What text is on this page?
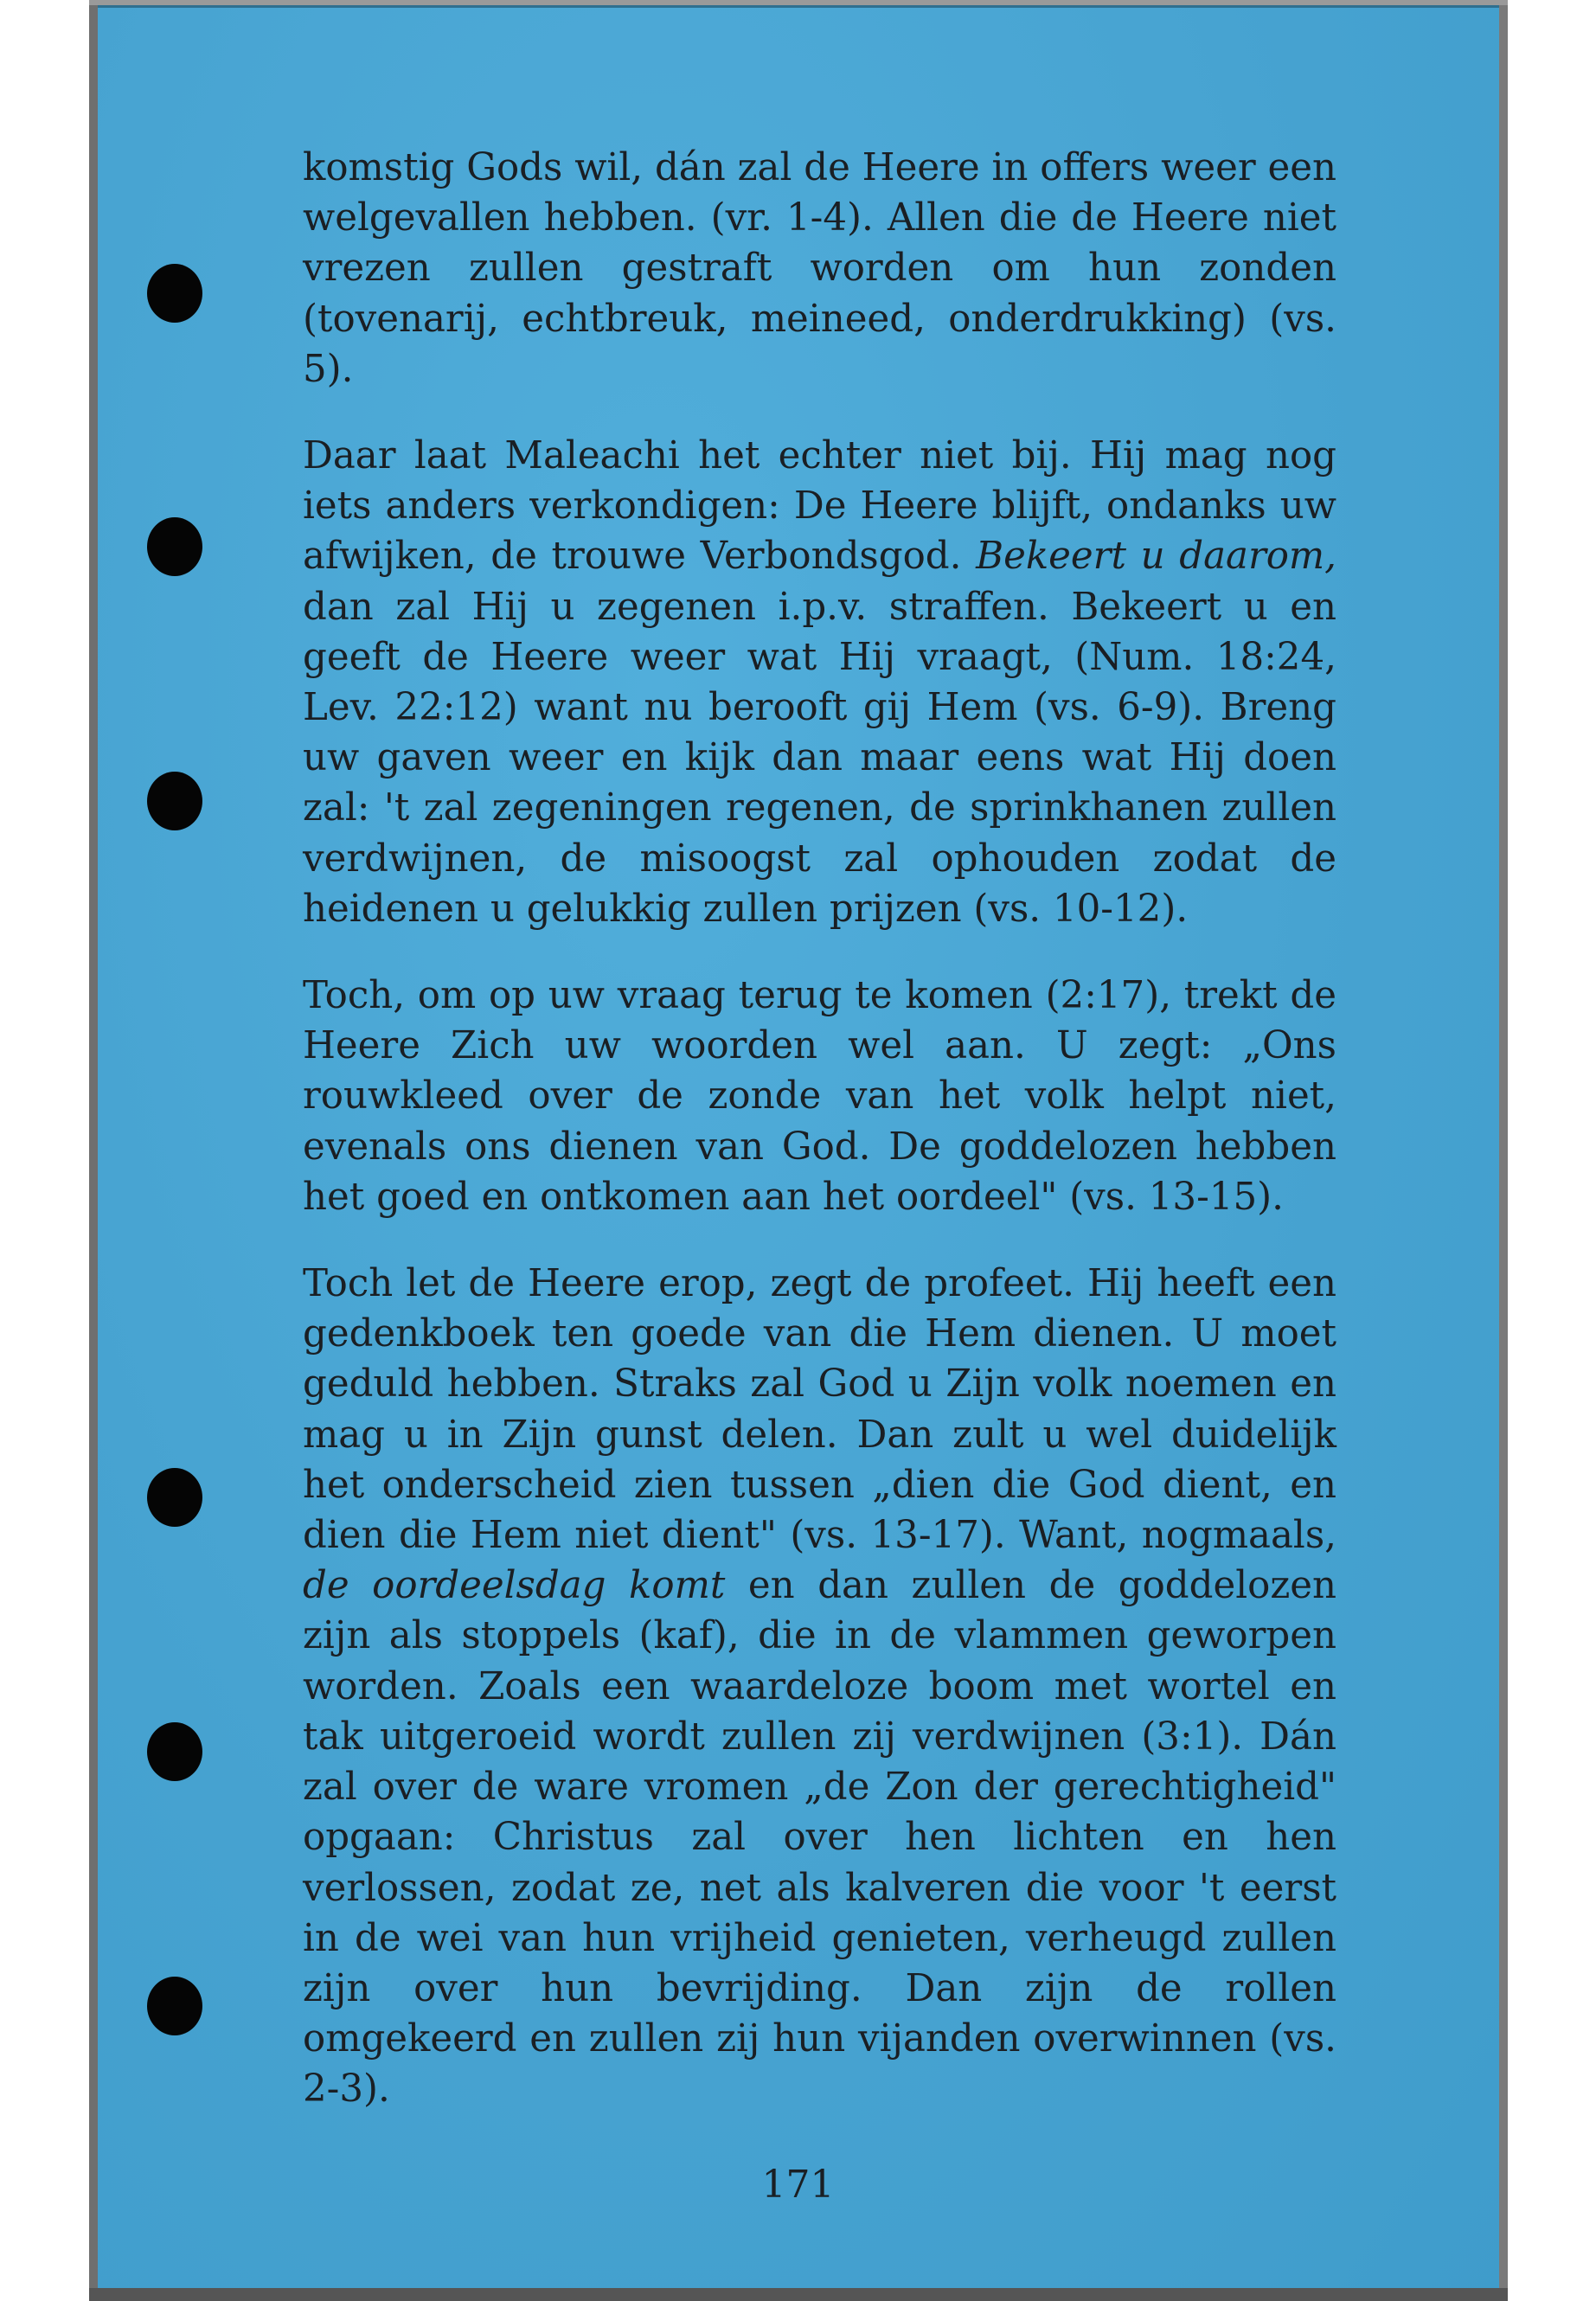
komstig Gods wil, dán zal de Heere in offers weer een welgevallen hebben. (vr. 1-4). Allen die de Heere niet vrezen zullen gestraft worden om hun zonden (tovenarij, echtbreuk, meineed, onderdrukking) (vs. 5).

Daar laat Maleachi het echter niet bij. Hij mag nog iets anders verkondigen: De Heere blijft, ondanks uw afwijken, de trouwe Verbondsgod. Bekeert u daarom, dan zal Hij u zegenen i.p.v. straffen. Bekeert u en geeft de Heere weer wat Hij vraagt, (Num. 18:24, Lev. 22:12) want nu berooft gij Hem (vs. 6-9). Breng uw gaven weer en kijk dan maar eens wat Hij doen zal: 't zal zegeningen regenen, de sprinkhanen zullen verdwijnen, de misoogst zal ophouden zodat de heidenen u gelukkig zullen prijzen (vs. 10-12).

Toch, om op uw vraag terug te komen (2:17), trekt de Heere Zich uw woorden wel aan. U zegt: „Ons rouwkleed over de zonde van het volk helpt niet, evenals ons dienen van God. De goddelozen hebben het goed en ontkomen aan het oordeel" (vs. 13-15).

Toch let de Heere erop, zegt de profeet. Hij heeft een gedenkboek ten goede van die Hem dienen. U moet geduld hebben. Straks zal God u Zijn volk noemen en mag u in Zijn gunst delen. Dan zult u wel duidelijk het onderscheid zien tussen „dien die God dient, en dien die Hem niet dient" (vs. 13-17). Want, nogmaals, de oordeelsdag komt en dan zullen de goddelozen zijn als stoppels (kaf), die in de vlammen geworpen worden. Zoals een waardeloze boom met wortel en tak uitgeroeid wordt zullen zij verdwijnen (3:1). Dán zal over de ware vromen „de Zon der gerechtigheid" opgaan: Christus zal over hen lichten en hen verlossen, zodat ze, net als kalveren die voor 't eerst in de wei van hun vrijheid genieten, verheugd zullen zijn over hun bevrijding. Dan zijn de rollen omgekeerd en zullen zij hun vijanden overwinnen (vs. 2-3).

171
